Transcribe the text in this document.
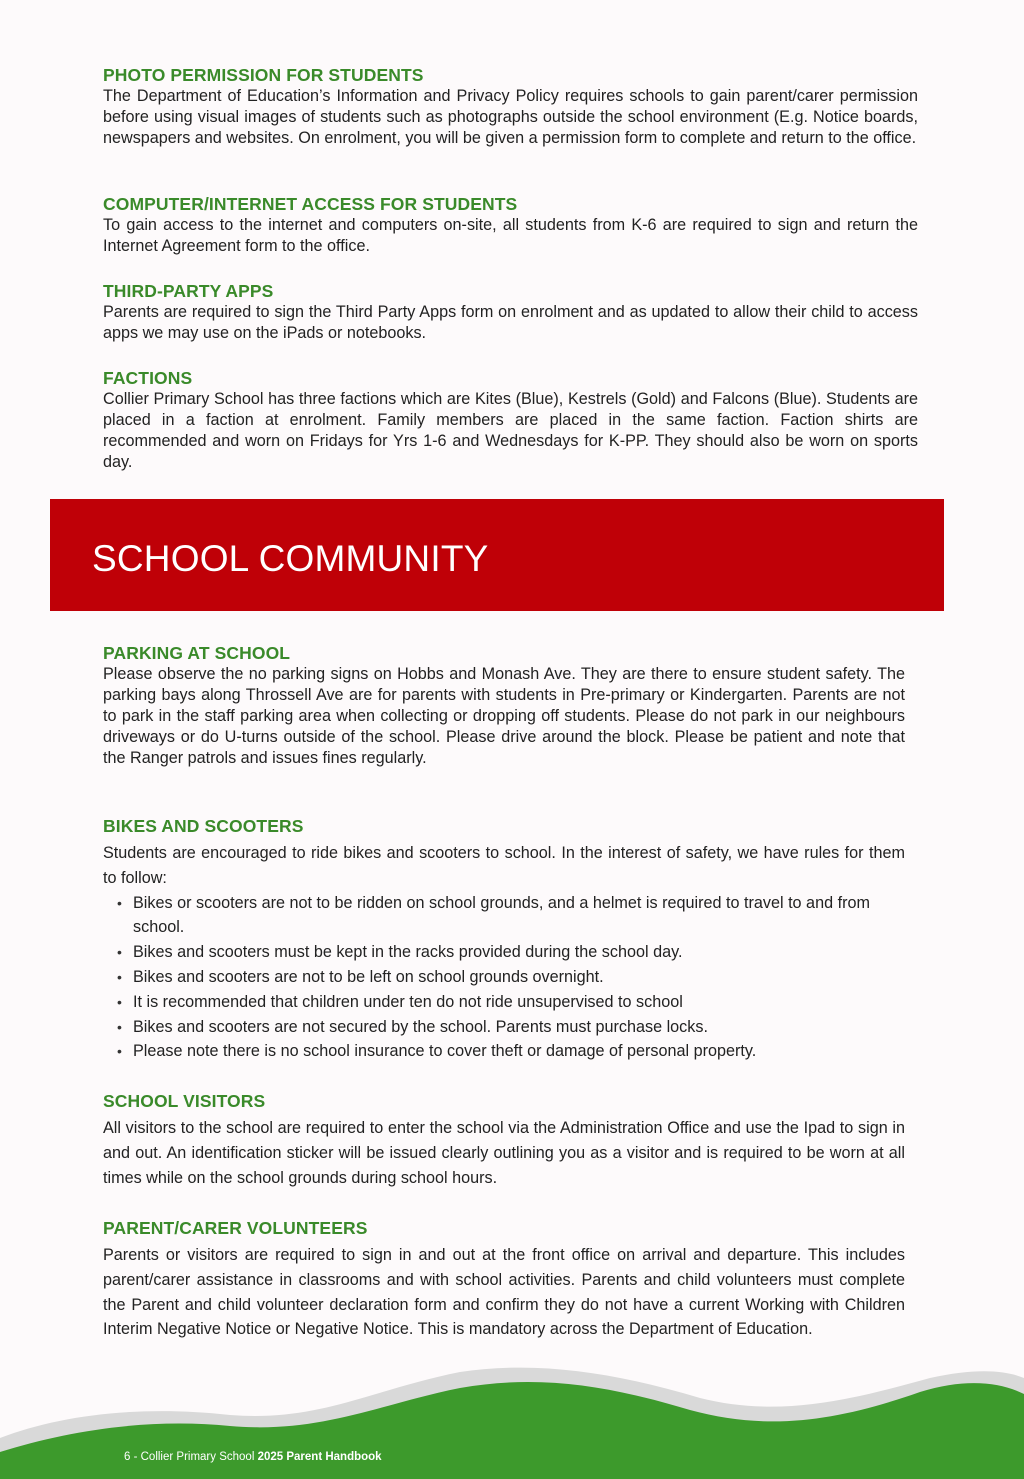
PHOTO PERMISSION FOR STUDENTS

The Department of Education’s Information and Privacy Policy requires schools to gain parent/carer permission before using visual images of students such as photographs outside the school environment (E.g. Notice boards, newspapers and websites. On enrolment, you will be given a permission form to complete and return to the office.

COMPUTER/INTERNET ACCESS FOR STUDENTS

To gain access to the internet and computers on-site, all students from K-6 are required to sign and return the Internet Agreement form to the office.

THIRD-PARTY APPS

Parents are required to sign the Third Party Apps form on enrolment and as updated to allow their child to access apps we may use on the iPads or notebooks.

FACTIONS

Collier Primary School has three factions which are Kites (Blue), Kestrels (Gold) and Falcons (Blue). Students are placed in a faction at enrolment. Family members are placed in the same faction. Faction shirts are recommended and worn on Fridays for Yrs 1-6 and Wednesdays for K-PP. They should also be worn on sports day.

SCHOOL COMMUNITY
PARKING AT SCHOOL

Please observe the no parking signs on Hobbs and Monash Ave. They are there to ensure student safety. The parking bays along Throssell Ave are for parents with students in Pre-primary or Kindergarten. Parents are not to park in the staff parking area when collecting or dropping off students. Please do not park in our neighbours driveways or do U-turns outside of the school. Please drive around the block. Please be patient and note that the Ranger patrols and issues fines regularly.

BIKES AND SCOOTERS

Students are encouraged to ride bikes and scooters to school. In the interest of safety, we have rules for them to follow:

• Bikes or scooters are not to be ridden on school grounds, and a helmet is required to travel to and from school.
• Bikes and scooters must be kept in the racks provided during the school day.
• Bikes and scooters are not to be left on school grounds overnight.
• It is recommended that children under ten do not ride unsupervised to school
• Bikes and scooters are not secured by the school. Parents must purchase locks.
• Please note there is no school insurance to cover theft or damage of personal property.
SCHOOL VISITORS

All visitors to the school are required to enter the school via the Administration Office and use the Ipad to sign in and out. An identification sticker will be issued clearly outlining you as a visitor and is required to be worn at all times while on the school grounds during school hours.

PARENT/CARER VOLUNTEERS

Parents or visitors are required to sign in and out at the front office on arrival and departure. This includes parent/carer assistance in classrooms and with school activities. Parents and child volunteers must complete the Parent and child volunteer declaration form and confirm they do not have a current Working with Children Interim Negative Notice or Negative Notice. This is mandatory across the Department of Education.

6 - Collier Primary School 2025 Parent Handbook
